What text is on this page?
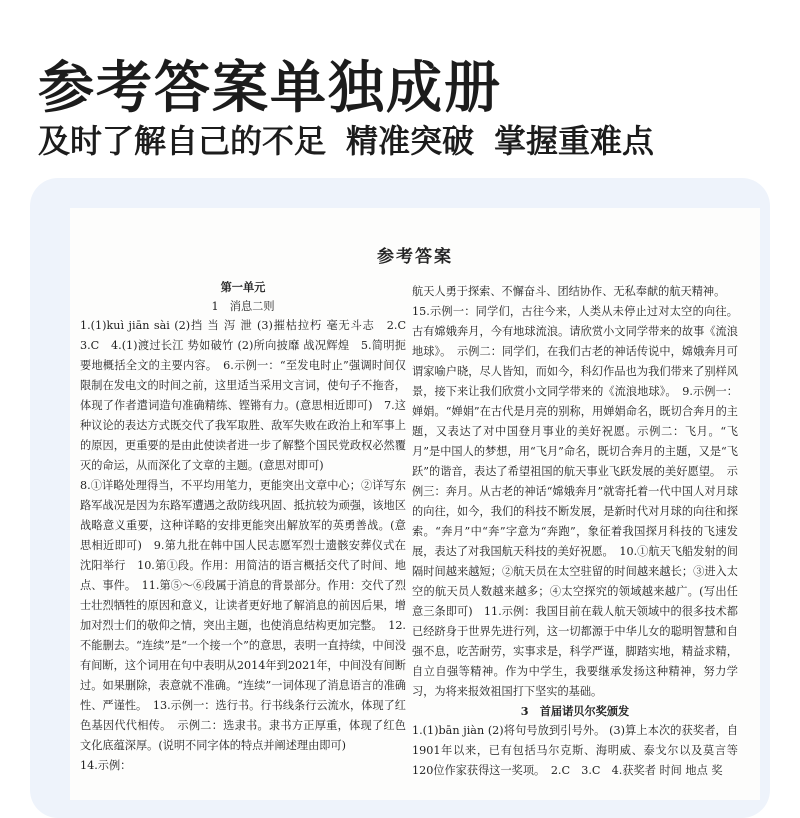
参考答案单独成册
及时了解自己的不足 精准突破 掌握重难点
参考答案

第一单元

1　消息二则

1.(1)kuì jiān sài (2)挡 当 泻 泄 (3)摧枯拉朽 毫无斗志　2.C　3.C　4.(1)渡过长江 势如破竹 (2)所向披靡 战况辉煌　5.简明扼要地概括全文的主要内容。　6.示例一：“至发电时止”强调时间仅限制在发电文的时间之前，这里适当采用文言词，使句子不拖沓，体现了作者遣词造句准确精练、铿锵有力。(意思相近即可)　7.这种议论的表达方式既交代了我军取胜、敌军失败在政治上和军事上的原因，更重要的是由此使读者进一步了解整个国民党政权必然覆灭的命运，从而深化了文章的主题。(意思对即可)

8.①详略处理得当，不平均用笔力，更能突出文章中心；②详写东路军战况是因为东路军遭遇之敌防线巩固、抵抗较为顽强，该地区战略意义重要，这种详略的安排更能突出解放军的英勇善战。(意思相近即可)　9.第九批在韩中国人民志愿军烈士遗骸安葬仪式在沈阳举行　10.第①段。作用：用简洁的语言概括交代了时间、地点、事件。　11.第⑤～⑥段属于消息的背景部分。作用：交代了烈士壮烈牺牲的原因和意义，让读者更好地了解消息的前因后果，增加对烈士们的敬仰之情，突出主题，也使消息结构更加完整。　12.不能删去。“连续”是“一个接一个”的意思，表明一直持续，中间没有间断，这个词用在句中表明从2014年到2021年，中间没有间断过。如果删除，表意就不准确。“连续”一词体现了消息语言的准确性、严谨性。　13.示例一：选行书。行书线条行云流水，体现了红色基因代代相传。　示例二：选隶书。隶书方正厚重，体现了红色文化底蕴深厚。(说明不同字体的特点并阐述理由即可)

14.示例：

航天人勇于探索、不懈奋斗、团结协作、无私奉献的航天精神。

15.示例一：同学们，古往今来，人类从未停止过对太空的向往。古有嫦娥奔月，今有地球流浪。请欣赏小文同学带来的故事《流浪地球》。　示例二：同学们，在我们古老的神话传说中，嫦娥奔月可谓家喻户晓，尽人皆知，而如今，科幻作品也为我们带来了别样风景，接下来让我们欣赏小文同学带来的《流浪地球》。　9.示例一：婵娟。“婵娟”在古代是月亮的别称，用婵娟命名，既切合奔月的主题，又表达了对中国登月事业的美好祝愿。示例二：飞月。“飞月”是中国人的梦想，用“飞月”命名，既切合奔月的主题，又是“飞跃”的谐音，表达了希望祖国的航天事业飞跃发展的美好愿望。　示例三：奔月。从古老的神话“嫦娥奔月”就寄托着一代中国人对月球的向往，如今，我们的科技不断发展，是新时代对月球的向往和探索。“奔月”中“奔”字意为“奔跑”，象征着我国探月科技的飞速发展，表达了对我国航天科技的美好祝愿。　10.①航天飞船发射的间隔时间越来越短；②航天员在太空驻留的时间越来越长；③进入太空的航天员人数越来越多；④太空探究的领域越来越广。(写出任意三条即可)　11.示例：我国目前在载人航天领域中的很多技术都已经跻身于世界先进行列，这一切都源于中华儿女的聪明智慧和自强不息，吃苦耐劳，实事求是，科学严谨，脚踏实地，精益求精，自立自强等精神。作为中学生，我要继承发扬这种精神，努力学习，为将来报效祖国打下坚实的基础。

3　首届诺贝尔奖颁发

1.(1)bān jiàn (2)将句号放到引号外。 (3)算上本次的获奖者，自1901年以来，已有包括马尔克斯、海明威、泰戈尔以及莫言等120位作家获得这一奖项。　2.C　3.C　4.获奖者 时间 地点 奖
